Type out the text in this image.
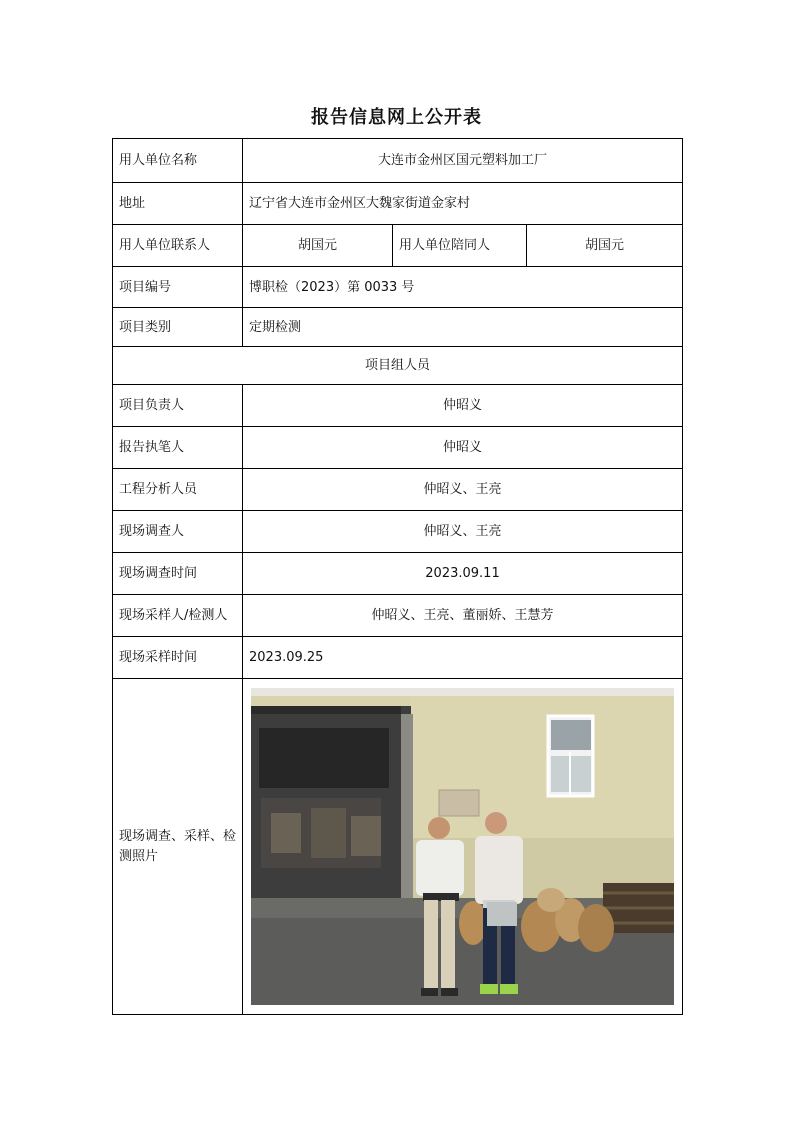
报告信息网上公开表
用人单位名称	大连市金州区国元塑料加工厂		
地址	辽宁省大连市金州区大魏家街道金家村		
用人单位联系人	胡国元	用人单位陪同人	胡国元
项目编号	博职检（2023）第 0033 号		
项目类别	定期检测		
项目组人员			
项目负责人	仲昭义		
报告执笔人	仲昭义		
工程分析人员	仲昭义、王亮		
现场调查人	仲昭义、王亮		
现场调查时间	2023.09.11		
现场采样人/检测人	仲昭义、王亮、董丽娇、王慧芳		
现场采样时间	2023.09.25		
现场调查、采样、检测照片	
